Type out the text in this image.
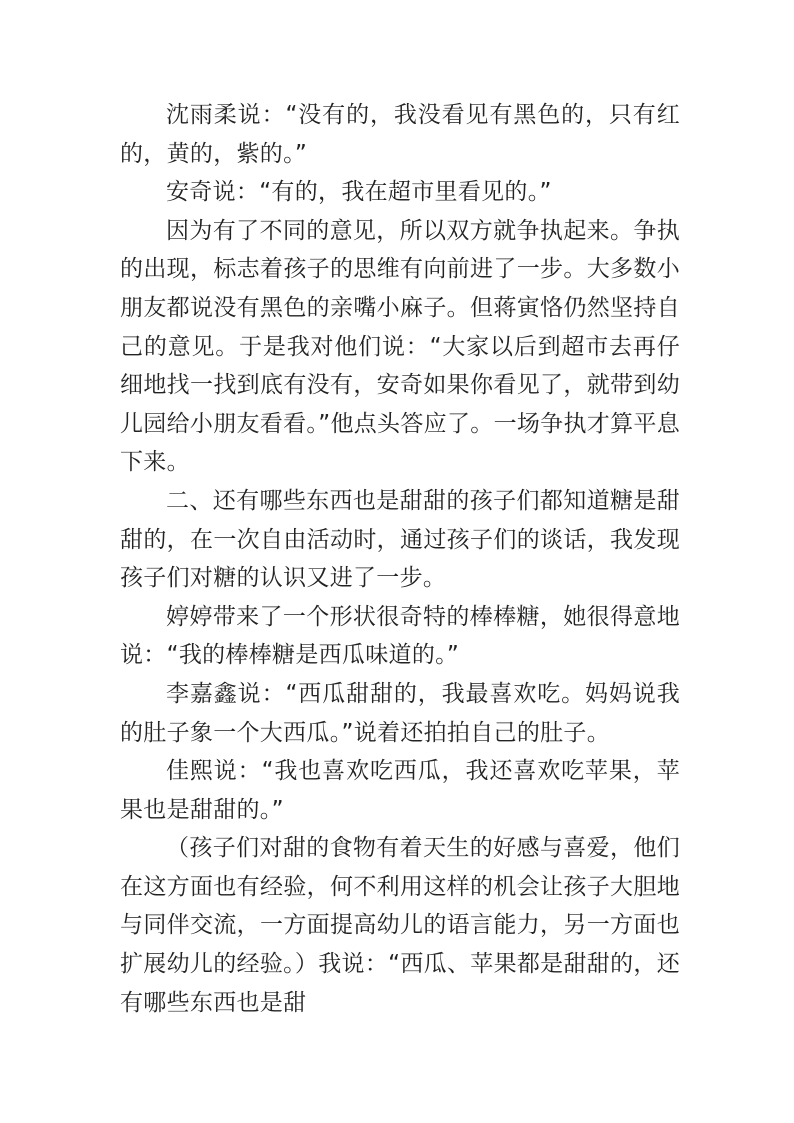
沈雨柔说：“没有的，我没看见有黑色的，只有红的，黄的，紫的。”

安奇说：“有的，我在超市里看见的。”

因为有了不同的意见，所以双方就争执起来。争执的出现，标志着孩子的思维有向前进了一步。大多数小朋友都说没有黑色的亲嘴小麻子。但蒋寅恪仍然坚持自己的意见。于是我对他们说：“大家以后到超市去再仔细地找一找到底有没有，安奇如果你看见了，就带到幼儿园给小朋友看看。”他点头答应了。一场争执才算平息下来。

二、还有哪些东西也是甜甜的孩子们都知道糖是甜甜的，在一次自由活动时，通过孩子们的谈话，我发现孩子们对糖的认识又进了一步。

婷婷带来了一个形状很奇特的棒棒糖，她很得意地说：“我的棒棒糖是西瓜味道的。”

李嘉鑫说：“西瓜甜甜的，我最喜欢吃。妈妈说我的肚子象一个大西瓜。”说着还拍拍自己的肚子。

佳熙说：“我也喜欢吃西瓜，我还喜欢吃苹果，苹果也是甜甜的。”

（孩子们对甜的食物有着天生的好感与喜爱，他们在这方面也有经验，何不利用这样的机会让孩子大胆地与同伴交流，一方面提高幼儿的语言能力，另一方面也扩展幼儿的经验。）我说：“西瓜、苹果都是甜甜的，还有哪些东西也是甜
